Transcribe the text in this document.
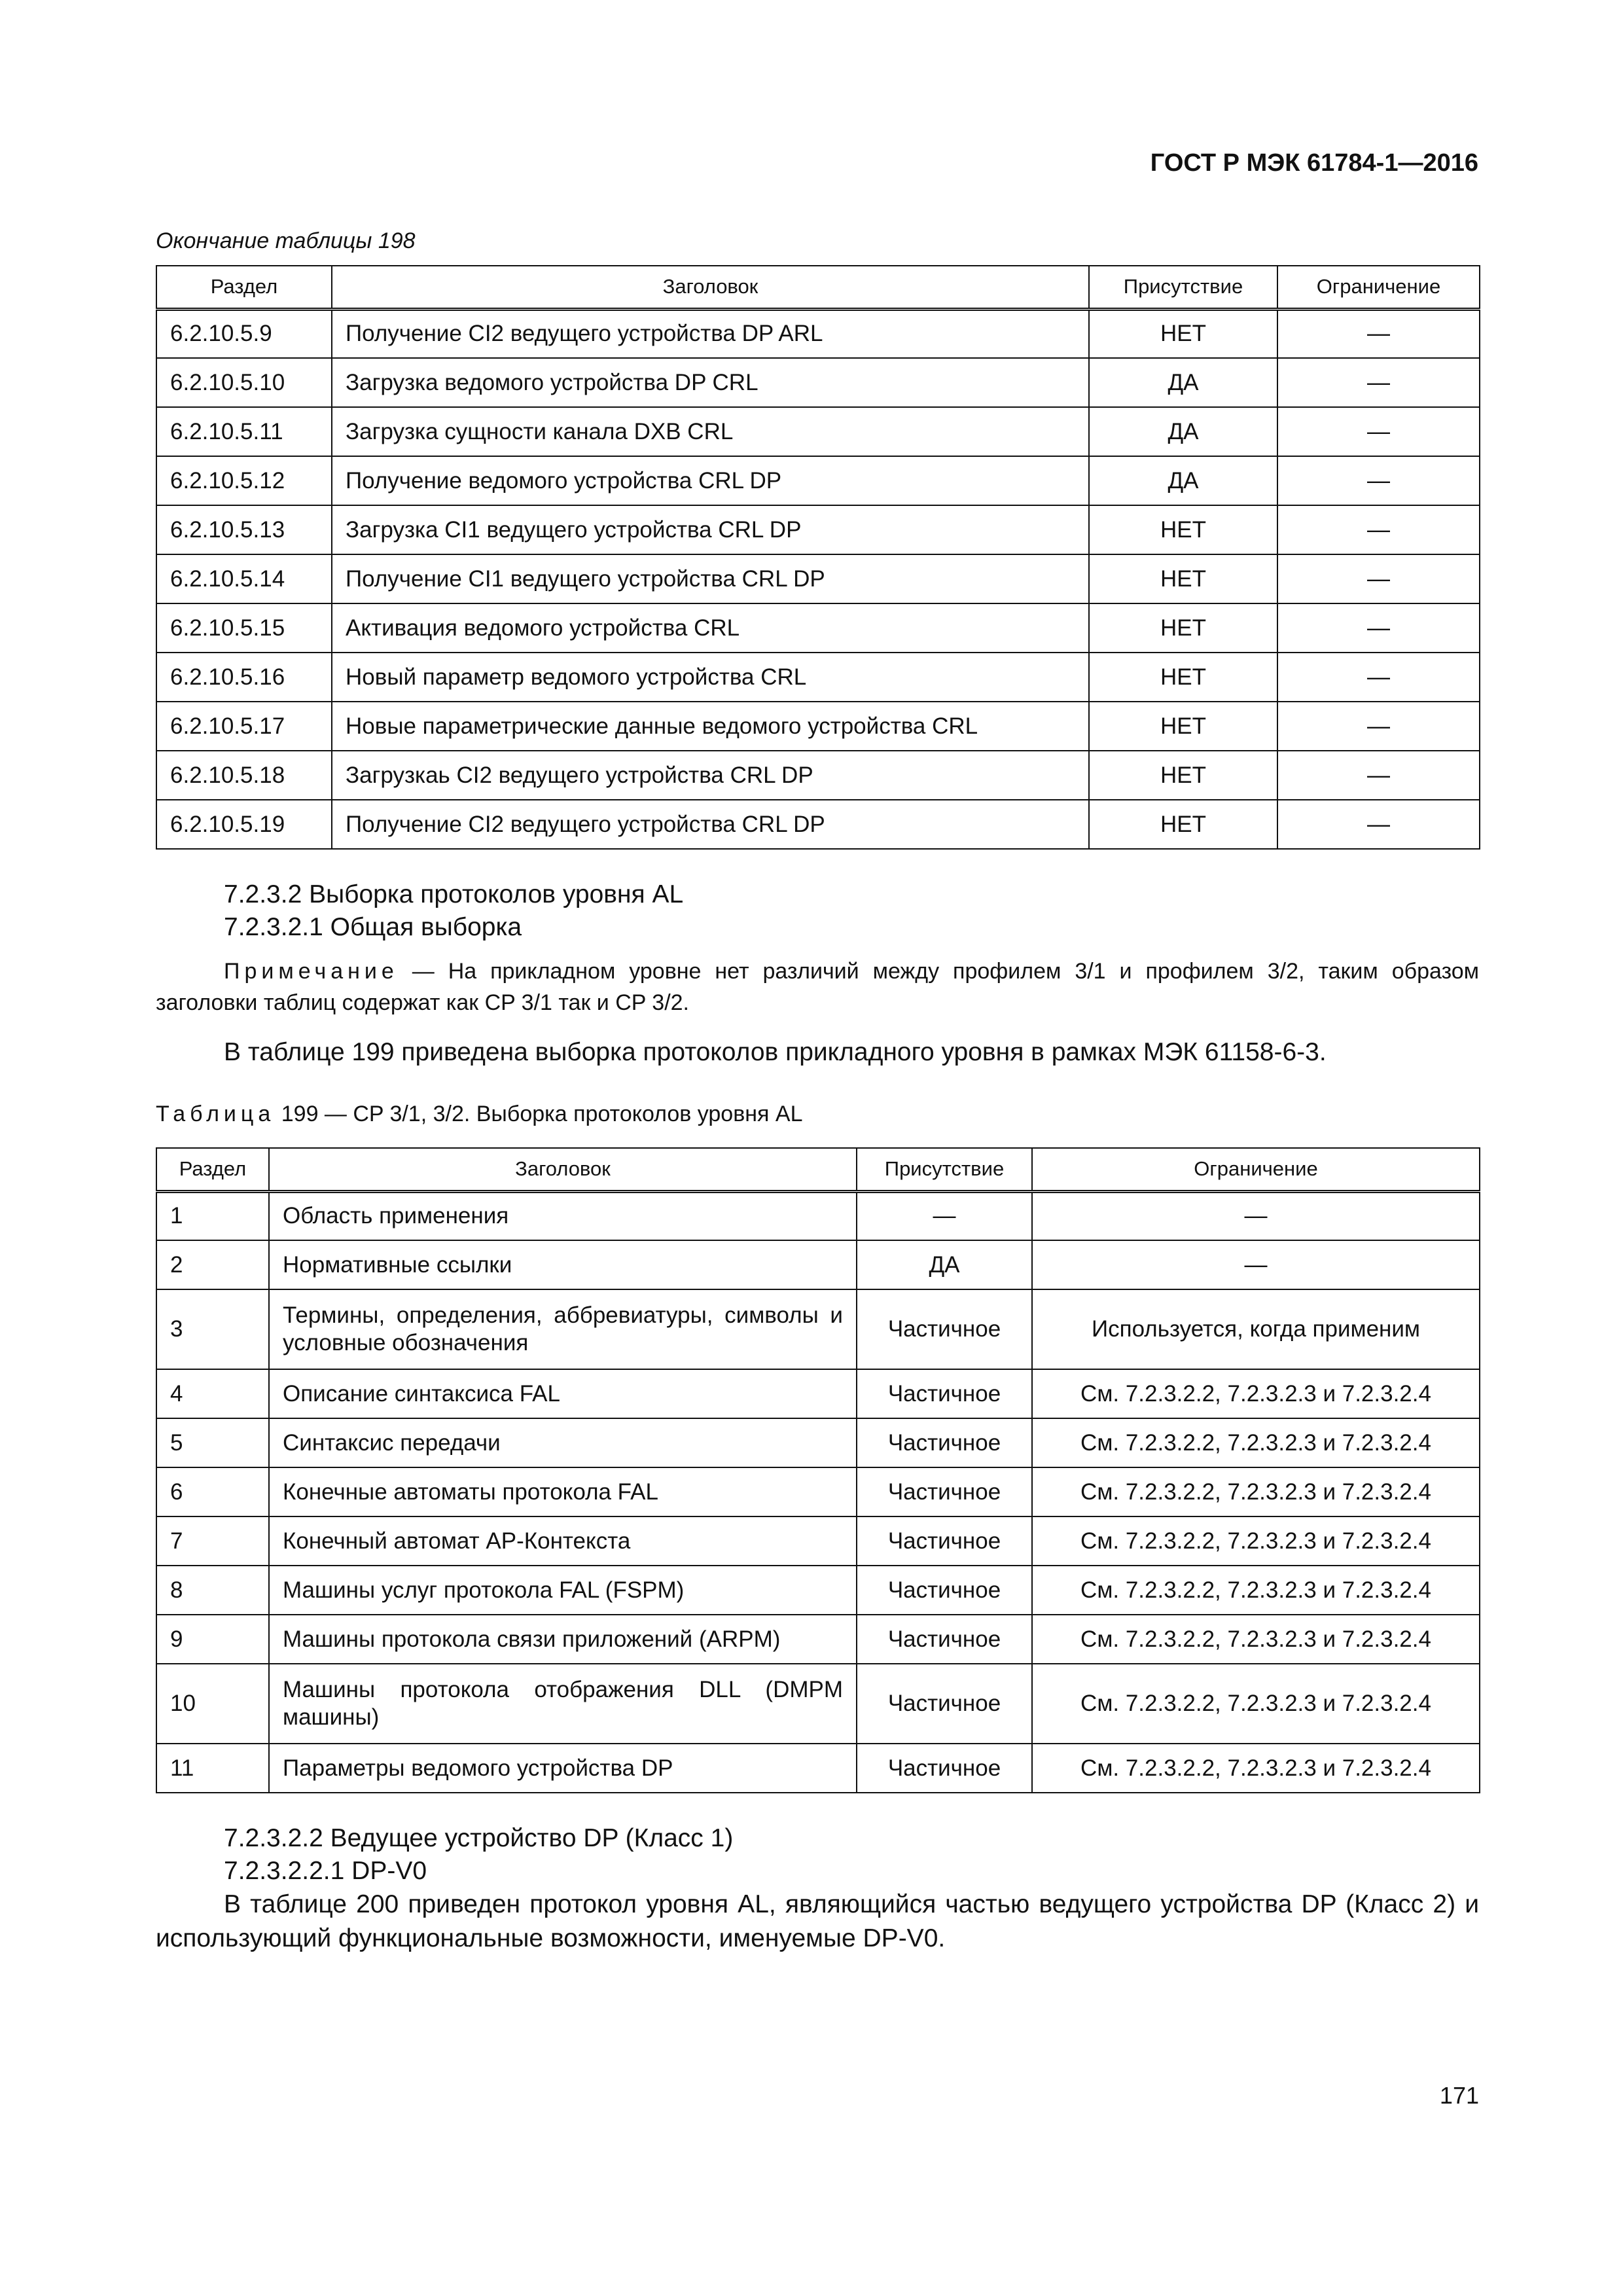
ГОСТ Р МЭК 61784-1—2016
Окончание таблицы 198
Раздел	Заголовок	Присутствие	Ограничение
6.2.10.5.9	Получение CI2 ведущего устройства DP ARL	НЕТ	—
6.2.10.5.10	Загрузка ведомого устройства DP CRL	ДА	—
6.2.10.5.11	Загрузка сущности канала DXB CRL	ДА	—
6.2.10.5.12	Получение ведомого устройства CRL DP	ДА	—
6.2.10.5.13	Загрузка CI1 ведущего устройства CRL DP	НЕТ	—
6.2.10.5.14	Получение CI1 ведущего устройства CRL DP	НЕТ	—
6.2.10.5.15	Активация ведомого устройства CRL	НЕТ	—
6.2.10.5.16	Новый параметр ведомого устройства CRL	НЕТ	—
6.2.10.5.17	Новые параметрические данные ведомого устройства CRL	НЕТ	—
6.2.10.5.18	Загрузкаь CI2 ведущего устройства CRL DP	НЕТ	—
6.2.10.5.19	Получение CI2 ведущего устройства CRL DP	НЕТ	—
7.2.3.2 Выборка протоколов уровня AL
7.2.3.2.1 Общая выборка
Примечание — На прикладном уровне нет различий между профилем 3/1 и профилем 3/2, таким образом заголовки таблиц содержат как CP 3/1 так и CP 3/2.
В таблице 199 приведена выборка протоколов прикладного уровня в рамках МЭК 61158-6-3.
Таблица 199 — CP 3/1, 3/2. Выборка протоколов уровня AL
Раздел	Заголовок	Присутствие	Ограничение
1	Область применения	—	—
2	Нормативные ссылки	ДА	—
3	Термины, определения, аббревиатуры, символы и условные обозначения	Частичное	Используется, когда применим
4	Описание синтаксиса FAL	Частичное	См. 7.2.3.2.2, 7.2.3.2.3 и 7.2.3.2.4
5	Синтаксис передачи	Частичное	См. 7.2.3.2.2, 7.2.3.2.3 и 7.2.3.2.4
6	Конечные автоматы протокола FAL	Частичное	См. 7.2.3.2.2, 7.2.3.2.3 и 7.2.3.2.4
7	Конечный автомат AP-Контекста	Частичное	См. 7.2.3.2.2, 7.2.3.2.3 и 7.2.3.2.4
8	Машины услуг протокола FAL (FSPM)	Частичное	См. 7.2.3.2.2, 7.2.3.2.3 и 7.2.3.2.4
9	Машины протокола связи приложений (ARPM)	Частичное	См. 7.2.3.2.2, 7.2.3.2.3 и 7.2.3.2.4
10	Машины протокола отображения DLL (DMPM машины)	Частичное	См. 7.2.3.2.2, 7.2.3.2.3 и 7.2.3.2.4
11	Параметры ведомого устройства DP	Частичное	См. 7.2.3.2.2, 7.2.3.2.3 и 7.2.3.2.4
7.2.3.2.2 Ведущее устройство DP (Класс 1)
7.2.3.2.2.1 DP-V0
В таблице 200 приведен протокол уровня AL, являющийся частью ведущего устройства DP (Класс 2) и использующий функциональные возможности, именуемые DP-V0.
171
